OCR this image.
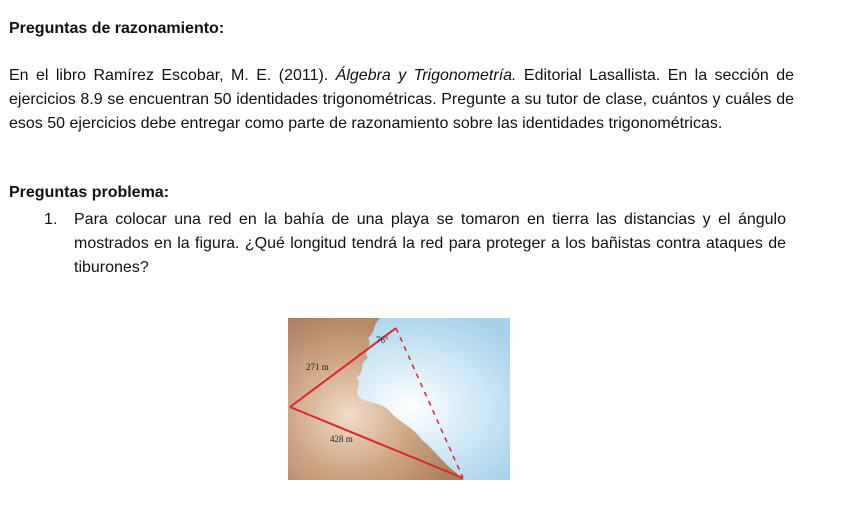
Preguntas de razonamiento:
En el libro Ramírez Escobar, M. E. (2011). Álgebra y Trigonometría. Editorial Lasallista. En la sección de ejercicios 8.9 se encuentran 50 identidades trigonométricas. Pregunte a su tutor de clase, cuántos y cuáles de esos 50 ejercicios debe entregar como parte de razonamiento sobre las identidades trigonométricas.
Preguntas problema:
1. Para colocar una red en la bahía de una playa se tomaron en tierra las distancias y el ángulo mostrados en la figura. ¿Qué longitud tendrá la red para proteger a los bañistas contra ataques de tiburones?
76°
271 m
428 m
